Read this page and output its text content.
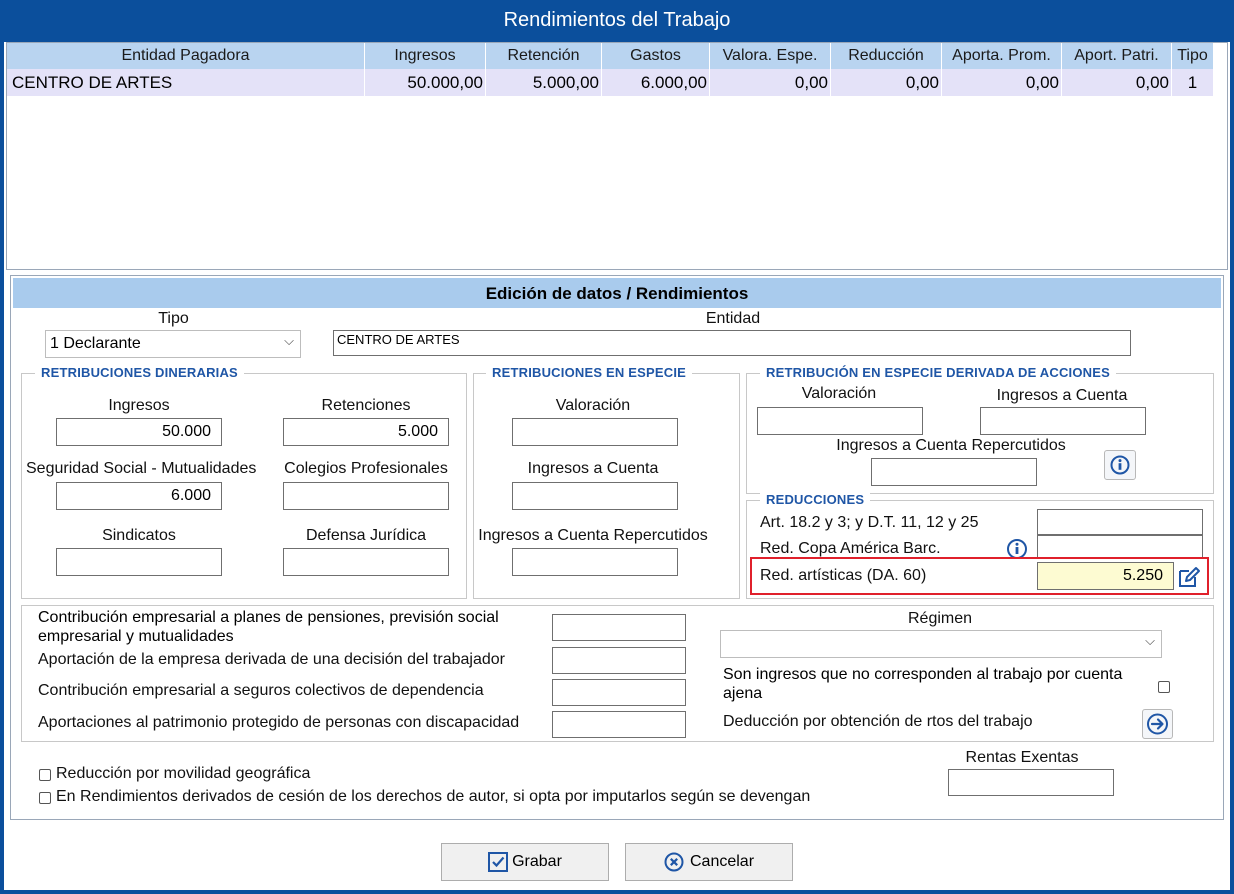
Rendimientos del Trabajo
Entidad Pagadora	Ingresos	Retención	Gastos	Valora. Espe.	Reducción	Aporta. Prom.	Aport. Patri.	Tipo
CENTRO DE ARTES	50.000,00	5.000,00	6.000,00	0,00	0,00	0,00	0,00	1
Edición de datos / Rendimientos
Tipo
1 Declarante	⌵
Entidad
CENTRO DE ARTES
RETRIBUCIONES DINERARIAS
Ingresos
50.000
Retenciones
5.000
Seguridad Social - Mutualidades
6.000
Colegios Profesionales
Sindicatos	Defensa Jurídica
RETRIBUCIONES EN ESPECIE
Valoración
Ingresos a Cuenta
Ingresos a Cuenta Repercutidos
RETRIBUCIÓN EN ESPECIE DERIVADA DE ACCIONES
Valoración	Ingresos a Cuenta
Ingresos a Cuenta Repercutidos
REDUCCIONES
Art. 18.2 y 3; y D.T. 11, 12 y 25
Red. Copa América Barc.
Red. artísticas (DA. 60)	5.250
Contribución empresarial a planes de pensiones, previsión social empresarial y mutualidades
Aportación de la empresa derivada de una decisión del trabajador
Contribución empresarial a seguros colectivos de dependencia
Aportaciones al patrimonio protegido de personas con discapacidad
Régimen
⌵
Son ingresos que no corresponden al trabajo por cuenta ajena
Deducción por obtención de rtos del trabajo
Reducción por movilidad geográfica
En Rendimientos derivados de cesión de los derechos de autor, si opta por imputarlos según se devengan
Rentas Exentas
Grabar	Cancelar
